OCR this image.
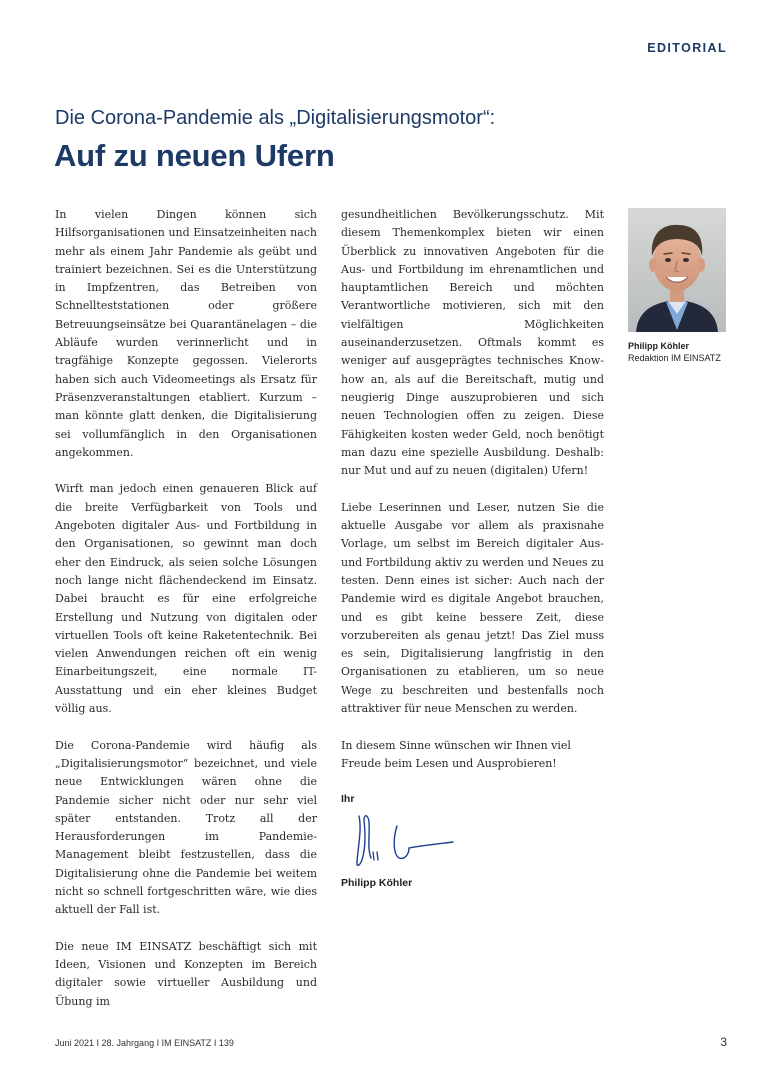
EDITORIAL
Die Corona-Pandemie als „Digitalisierungsmotor“:
Auf zu neuen Ufern

In vielen Dingen können sich Hilfsorganisationen und Einsatzeinheiten nach mehr als einem Jahr Pandemie als geübt und trainiert bezeichnen. Sei es die Unterstützung in Impfzentren, das Betreiben von Schnellteststationen oder größere Betreuungseinsätze bei Quarantänelagen – die Abläufe wurden verinnerlicht und in tragfähige Konzepte gegossen. Vielerorts haben sich auch Videomeetings als Ersatz für Präsenzveranstaltungen etabliert. Kurzum – man könnte glatt denken, die Digitalisierung sei vollumfänglich in den Organisationen angekommen.

Wirft man jedoch einen genaueren Blick auf die breite Verfügbarkeit von Tools und Angeboten digitaler Aus- und Fortbildung in den Organisationen, so gewinnt man doch eher den Eindruck, als seien solche Lösungen noch lange nicht flächendeckend im Einsatz. Dabei braucht es für eine erfolgreiche Erstellung und Nutzung von digitalen oder virtuellen Tools oft keine Raketentechnik. Bei vielen Anwendungen reichen oft ein wenig Einarbeitungszeit, eine normale IT-Ausstattung und ein eher kleines Budget völlig aus.

Die Corona-Pandemie wird häufig als „Digitalisierungsmotor“ bezeichnet, und viele neue Entwicklungen wären ohne die Pandemie sicher nicht oder nur sehr viel später entstanden. Trotz all der Herausforderungen im Pandemie-Management bleibt festzustellen, dass die Digitalisierung ohne die Pandemie bei weitem nicht so schnell fortgeschritten wäre, wie dies aktuell der Fall ist.

Die neue IM EINSATZ beschäftigt sich mit Ideen, Visionen und Konzepten im Bereich digitaler sowie virtueller Ausbildung und Übung im

gesundheitlichen Bevölkerungsschutz. Mit diesem Themenkomplex bieten wir einen Überblick zu innovativen Angeboten für die Aus- und Fortbildung im ehrenamtlichen und hauptamtlichen Bereich und möchten Verantwortliche motivieren, sich mit den vielfältigen Möglichkeiten auseinanderzusetzen. Oftmals kommt es weniger auf ausgeprägtes technisches Know-how an, als auf die Bereitschaft, mutig und neugierig Dinge auszuprobieren und sich neuen Technologien offen zu zeigen. Diese Fähigkeiten kosten weder Geld, noch benötigt man dazu eine spezielle Ausbildung. Deshalb: nur Mut und auf zu neuen (digitalen) Ufern!

Liebe Leserinnen und Leser, nutzen Sie die aktuelle Ausgabe vor allem als praxisnahe Vorlage, um selbst im Bereich digitaler Aus- und Fortbildung aktiv zu werden und Neues zu testen. Denn eines ist sicher: Auch nach der Pandemie wird es digitale Angebot brauchen, und es gibt keine bessere Zeit, diese vorzubereiten als genau jetzt! Das Ziel muss es sein, Digitalisierung langfristig in den Organisationen zu etablieren, um so neue Wege zu beschreiten und bestenfalls noch attraktiver für neue Menschen zu werden.

In diesem Sinne wünschen wir Ihnen viel Freude beim Lesen und Ausprobieren!

Ihr
Philipp Köhler
Philipp Köhler
Redaktion IM EINSATZ
Juni 2021 I 28. Jahrgang I IM EINSATZ I 139	3
